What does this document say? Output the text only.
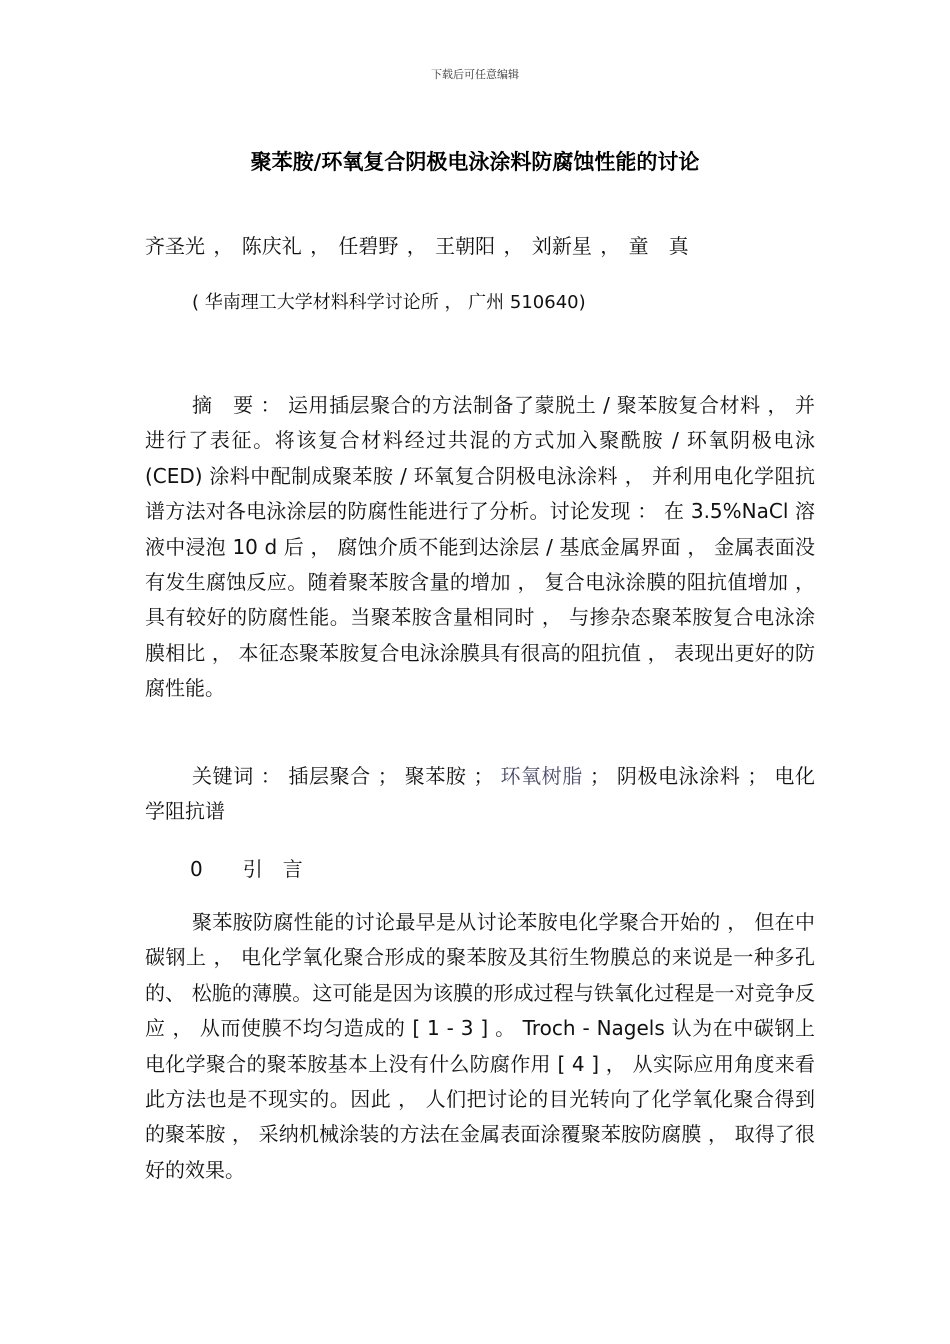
下载后可任意编辑
聚苯胺/环氧复合阴极电泳涂料防腐蚀性能的讨论
齐圣光 ， 陈庆礼 ， 任碧野 ， 王朝阳 ， 刘新星 ， 童　真
( 华南理工大学材料科学讨论所 ， 广州 510640)

摘　要 ： 运用插层聚合的方法制备了蒙脱土 / 聚苯胺复合材料 ， 并进行了表征。将该复合材料经过共混的方式加入聚酰胺 / 环氧阴极电泳 (CED) 涂料中配制成聚苯胺 / 环氧复合阴极电泳涂料 ， 并利用电化学阻抗谱方法对各电泳涂层的防腐性能进行了分析。讨论发现 ： 在 3.5%NaCl 溶液中浸泡 10 d 后 ， 腐蚀介质不能到达涂层 / 基底金属界面 ， 金属表面没有发生腐蚀反应。随着聚苯胺含量的增加 ， 复合电泳涂膜的阻抗值增加 ， 具有较好的防腐性能。当聚苯胺含量相同时 ， 与掺杂态聚苯胺复合电泳涂膜相比 ， 本征态聚苯胺复合电泳涂膜具有很高的阻抗值 ， 表现出更好的防腐性能。

关键词 ： 插层聚合 ； 聚苯胺 ； 环氧树脂 ； 阴极电泳涂料 ； 电化学阻抗谱

0　　引　言

聚苯胺防腐性能的讨论最早是从讨论苯胺电化学聚合开始的 ， 但在中碳钢上 ， 电化学氧化聚合形成的聚苯胺及其衍生物膜总的来说是一种多孔的、 松脆的薄膜。这可能是因为该膜的形成过程与铁氧化过程是一对竞争反应 ， 从而使膜不均匀造成的 [ 1 - 3 ] 。 Troch - Nagels 认为在中碳钢上电化学聚合的聚苯胺基本上没有什么防腐作用 [ 4 ] ， 从实际应用角度来看此方法也是不现实的。因此 ， 人们把讨论的目光转向了化学氧化聚合得到的聚苯胺 ， 采纳机械涂装的方法在金属表面涂覆聚苯胺防腐膜 ， 取得了很好的效果。
